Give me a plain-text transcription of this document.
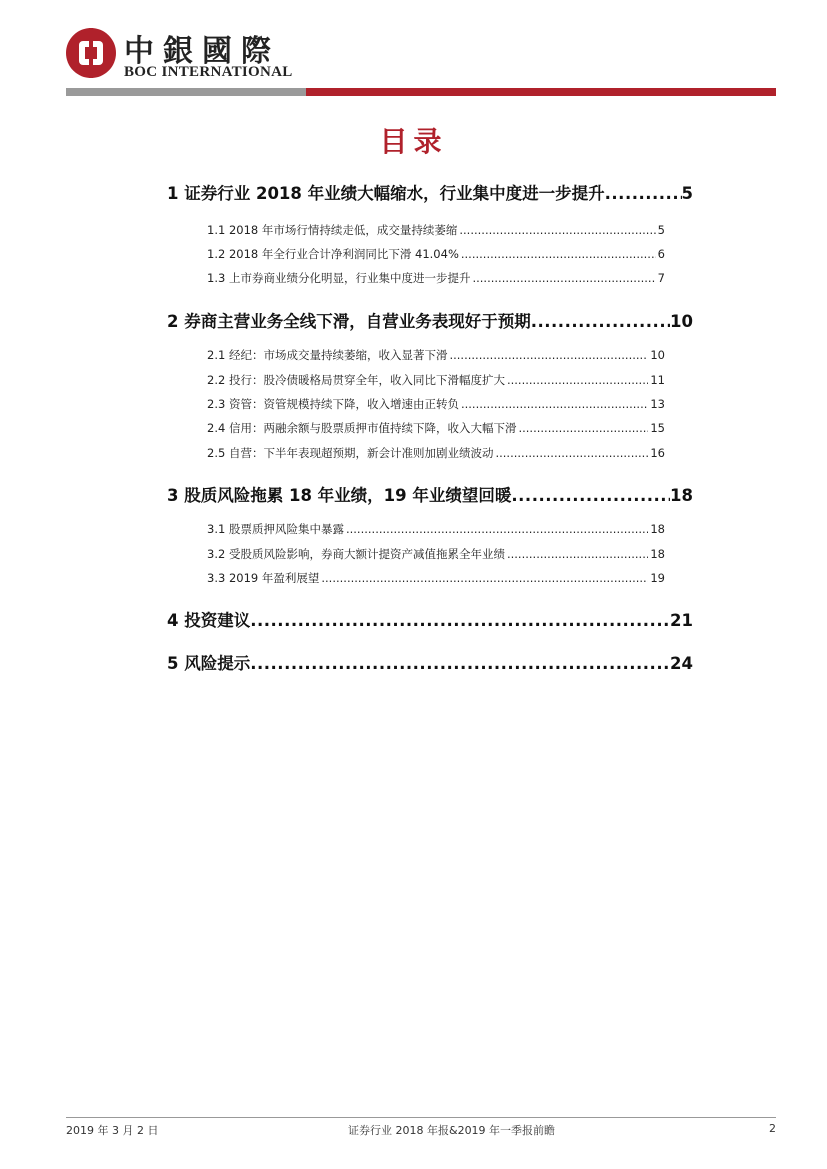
中銀國際
BOC INTERNATIONAL
目录
1 证券行业 2018 年业绩大幅缩水，行业集中度进一步提升 .....	5
1.1 2018 年市场行情持续走低，成交量持续萎缩 .....	5
1.2 2018 年全行业合计净利润同比下滑 41.04% .....	6
1.3 上市券商业绩分化明显，行业集中度进一步提升 .....	7
2 券商主营业务全线下滑，自营业务表现好于预期 .....	10
2.1 经纪：市场成交量持续萎缩，收入显著下滑 .....	10
2.2 投行：股冷债暖格局贯穿全年，收入同比下滑幅度扩大 .....	11
2.3 资管：资管规模持续下降，收入增速由正转负 .....	13
2.4 信用：两融余额与股票质押市值持续下降，收入大幅下滑 .....	15
2.5 自营：下半年表现超预期，新会计准则加剧业绩波动 .....	16
3 股质风险拖累 18 年业绩，19 年业绩望回暖 .....	18
3.1 股票质押风险集中暴露 .....	18
3.2 受股质风险影响，券商大额计提资产减值拖累全年业绩 .....	18
3.3 2019 年盈利展望 .....	19
4 投资建议 .....	21
5 风险提示 .....	24
2019 年 3 月 2 日	证券行业 2018 年报&2019 年一季报前瞻	2
